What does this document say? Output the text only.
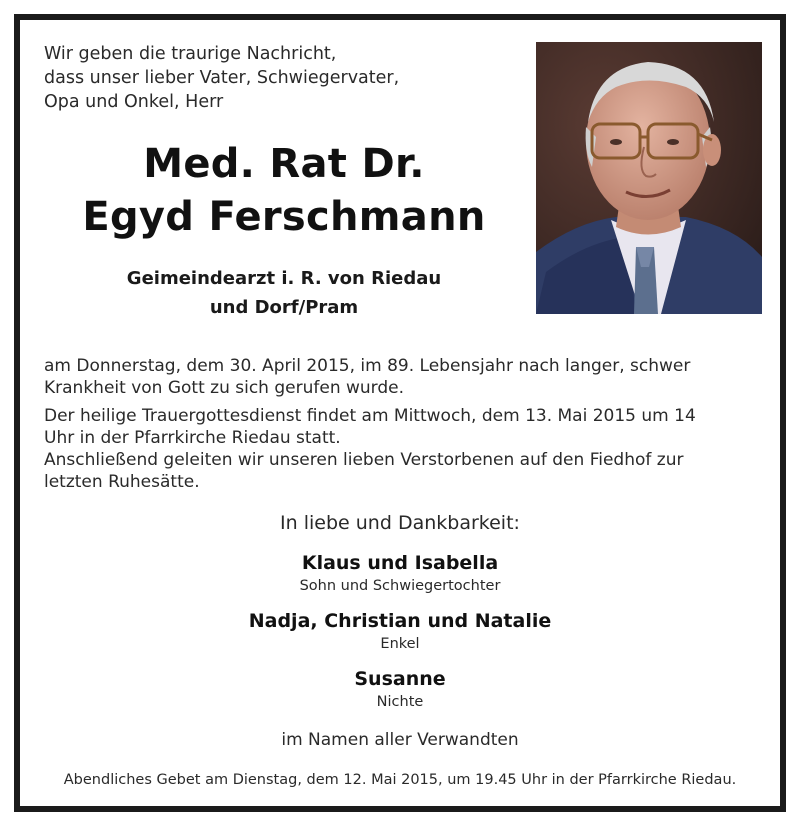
Wir geben die traurige Nachricht,
dass unser lieber Vater, Schwiegervater,
Opa und Onkel, Herr
Med. Rat Dr.
Egyd Ferschmann
Geimeindearzt i. R. von Riedau
und Dorf/Pram

am Donnerstag, dem 30. April 2015, im 89. Lebensjahr nach langer, schwer
Krankheit von Gott zu sich gerufen wurde.

Der heilige Trauergottesdienst findet am Mittwoch, dem 13. Mai 2015 um 14
Uhr in der Pfarrkirche Riedau statt.
Anschließend geleiten wir unseren lieben Verstorbenen auf den Fiedhof zur
letzten Ruhesätte.

In liebe und Dankbarkeit:
Klaus und Isabella
Sohn und Schwiegertochter
Nadja, Christian und Natalie
Enkel
Susanne
Nichte
im Namen aller Verwandten
Abendliches Gebet am Dienstag, dem 12. Mai 2015, um 19.45 Uhr in der Pfarrkirche Riedau.
